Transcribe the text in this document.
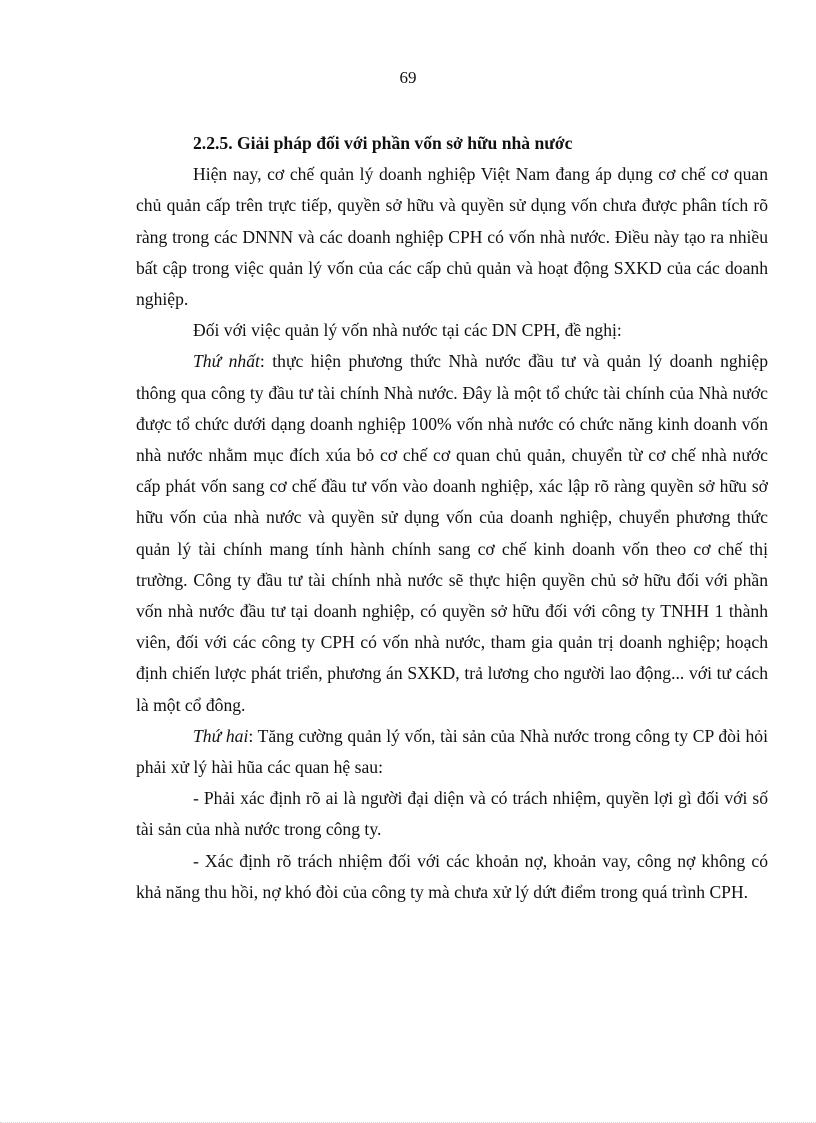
69

2.2.5. Giải pháp đối với phần vốn sở hữu nhà nước

Hiện nay, cơ chế quản lý doanh nghiệp Việt Nam đang áp dụng cơ chế cơ quan chủ quản cấp trên trực tiếp, quyền sở hữu và quyền sử dụng vốn chưa được phân tích rõ ràng trong các DNNN và các doanh nghiệp CPH có vốn nhà nước. Điều này tạo ra nhiều bất cập trong việc quản lý vốn của các cấp chủ quản và hoạt động SXKD của các doanh nghiệp.

Đối với việc quản lý vốn nhà nước tại các DN CPH, đề nghị:

Thứ nhất: thực hiện phương thức Nhà nước đầu tư và quản lý doanh nghiệp thông qua công ty đầu tư tài chính Nhà nước. Đây là một tổ chức tài chính của Nhà nước được tổ chức dưới dạng doanh nghiệp 100% vốn nhà nước có chức năng kinh doanh vốn nhà nước nhằm mục đích xúa bỏ cơ chế cơ quan chủ quản, chuyển từ cơ chế nhà nước cấp phát vốn sang cơ chế đầu tư vốn vào doanh nghiệp, xác lập rõ ràng quyền sở hữu sở hữu vốn của nhà nước và quyền sử dụng vốn của doanh nghiệp, chuyển phương thức quản lý tài chính mang tính hành chính sang cơ chế kinh doanh vốn theo cơ chế thị trường. Công ty đầu tư tài chính nhà nước sẽ thực hiện quyền chủ sở hữu đối với phần vốn nhà nước đầu tư tại doanh nghiệp, có quyền sở hữu đối với công ty TNHH 1 thành viên, đối với các công ty CPH có vốn nhà nước, tham gia quản trị doanh nghiệp; hoạch định chiến lược phát triển, phương án SXKD, trả lương cho người lao động... với tư cách là một cổ đông.

Thứ hai: Tăng cường quản lý vốn, tài sản của Nhà nước trong công ty CP đòi hỏi phải xử lý hài hũa các quan hệ sau:

- Phải xác định rõ ai là người đại diện và có trách nhiệm, quyền lợi gì đối với số tài sản của nhà nước trong công ty.

- Xác định rõ trách nhiệm đối với các khoản nợ, khoản vay, công nợ không có khả năng thu hồi, nợ khó đòi của công ty mà chưa xử lý dứt điểm trong quá trình CPH.
